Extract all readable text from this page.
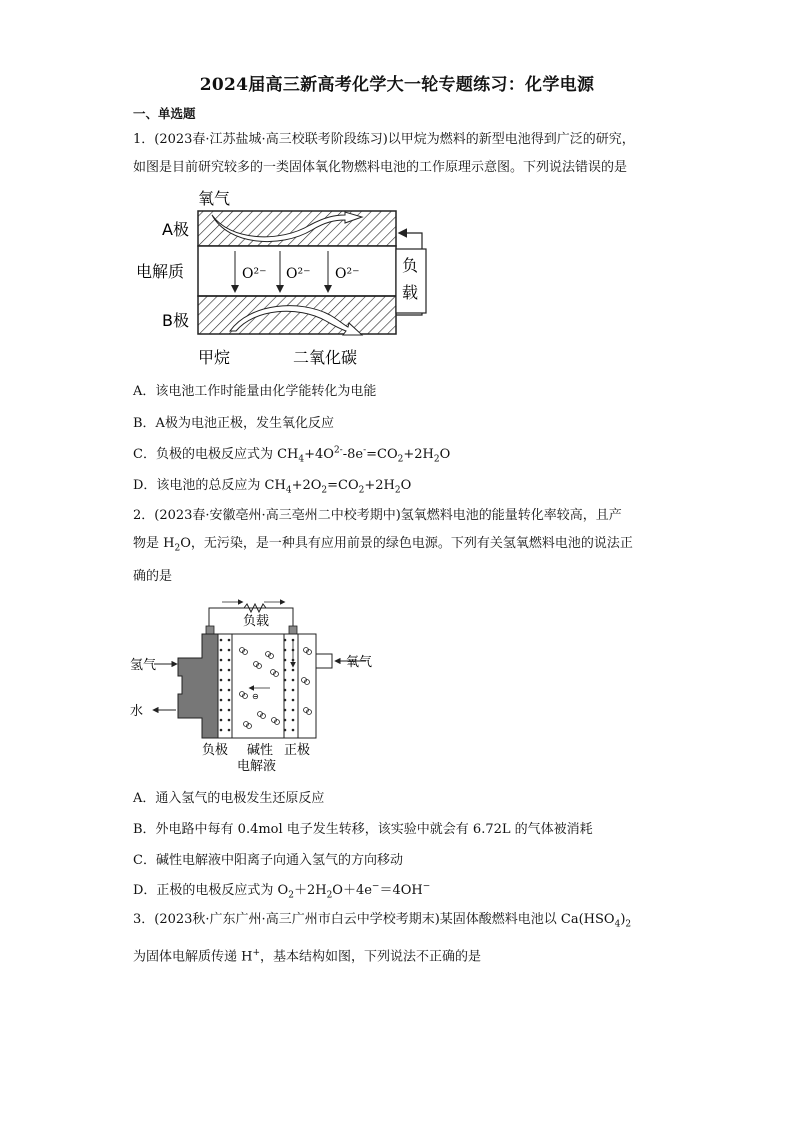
2024届高三新高考化学大一轮专题练习：化学电源
一、单选题
1．(2023春·江苏盐城·高三校联考阶段练习)以甲烷为燃料的新型电池得到广泛的研究，
如图是目前研究较多的一类固体氧化物燃料电池的工作原理示意图。下列说法错误的是
氧气
A极
电解质	O²⁻ O²⁻ O²⁻
B极
负
载
甲烷	二氧化碳
A．该电池工作时能量由化学能转化为电能
B．A极为电池正极，发生氧化反应
C．负极的电极反应式为 $CH_4+4O^{2-}-8e^-=CO_2+2H_2O$
D．该电池的总反应为 $CH_4+2O_2=CO_2+2H_2O$
2．(2023春·安徽亳州·高三亳州二中校考期中)氢氧燃料电池的能量转化率较高，且产
物是 $H_2O$，无污染，是一种具有应用前景的绿色电源。下列有关氢氧燃料电池的说法正
确的是
负载
氧气
氢气
水
⊖
负极 碱性 正极
电解液
A．通入氢气的电极发生还原反应
B．外电路中每有 0.4mol 电子发生转移，该实验中就会有 6.72L 的气体被消耗
C．碱性电解液中阳离子向通入氢气的方向移动
D．正极的电极反应式为 $O_2+2H_2O+4e^-=4OH^-$
3．(2023秋·广东广州·高三广州市白云中学校考期末)某固体酸燃料电池以 $Ca(HSO_4)_2$
为固体电解质传递 H+，基本结构如图，下列说法不正确的是
